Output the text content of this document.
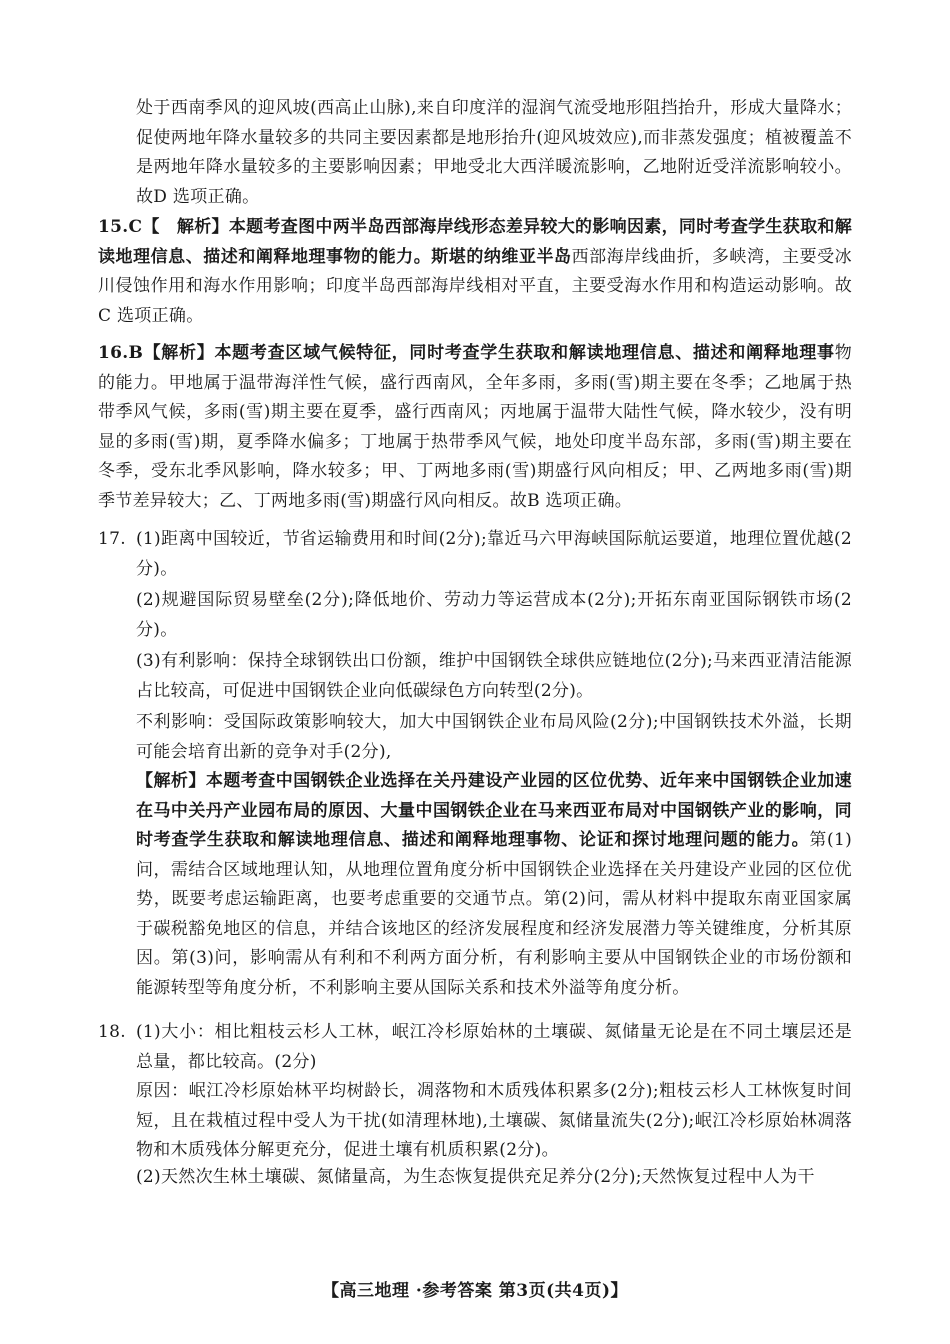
处于西南季风的迎风坡(西高止山脉),来自印度洋的湿润气流受地形阻挡抬升，形成大量降水；促使两地年降水量较多的共同主要因素都是地形抬升(迎风坡效应),而非蒸发强度；植被覆盖不是两地年降水量较多的主要影响因素；甲地受北大西洋暖流影响，乙地附近受洋流影响较小。故D 选项正确。

15.C【　解析】本题考查图中两半岛西部海岸线形态差异较大的影响因素，同时考查学生获取和解读地理信息、描述和阐释地理事物的能力。斯堪的纳维亚半岛西部海岸线曲折，多峡湾，主要受冰川侵蚀作用和海水作用影响；印度半岛西部海岸线相对平直，主要受海水作用和构造运动影响。故C 选项正确。

16.B【解析】本题考查区域气候特征，同时考查学生获取和解读地理信息、描述和阐释地理事物的能力。甲地属于温带海洋性气候，盛行西南风，全年多雨，多雨(雪)期主要在冬季；乙地属于热带季风气候，多雨(雪)期主要在夏季，盛行西南风；丙地属于温带大陆性气候，降水较少，没有明显的多雨(雪)期，夏季降水偏多；丁地属于热带季风气候，地处印度半岛东部，多雨(雪)期主要在冬季，受东北季风影响，降水较多；甲、丁两地多雨(雪)期盛行风向相反；甲、乙两地多雨(雪)期季节差异较大；乙、丁两地多雨(雪)期盛行风向相反。故B 选项正确。

17. (1)距离中国较近，节省运输费用和时间(2分);靠近马六甲海峡国际航运要道，地理位置优越(2分)。

(2)规避国际贸易壁垒(2分);降低地价、劳动力等运营成本(2分);开拓东南亚国际钢铁市场(2分)。

(3)有利影响：保持全球钢铁出口份额，维护中国钢铁全球供应链地位(2分);马来西亚清洁能源占比较高，可促进中国钢铁企业向低碳绿色方向转型(2分)。

不利影响：受国际政策影响较大，加大中国钢铁企业布局风险(2分);中国钢铁技术外溢，长期可能会培育出新的竞争对手(2分),

【解析】本题考查中国钢铁企业选择在关丹建设产业园的区位优势、近年来中国钢铁企业加速在马中关丹产业园布局的原因、大量中国钢铁企业在马来西亚布局对中国钢铁产业的影响，同时考查学生获取和解读地理信息、描述和阐释地理事物、论证和探讨地理问题的能力。第(1)问，需结合区域地理认知，从地理位置角度分析中国钢铁企业选择在关丹建设产业园的区位优势，既要考虑运输距离，也要考虑重要的交通节点。第(2)问，需从材料中提取东南亚国家属于碳税豁免地区的信息，并结合该地区的经济发展程度和经济发展潜力等关键维度，分析其原因。第(3)问，影响需从有利和不利两方面分析，有利影响主要从中国钢铁企业的市场份额和能源转型等角度分析，不利影响主要从国际关系和技术外溢等角度分析。

18. (1)大小：相比粗枝云杉人工林，岷江冷杉原始林的土壤碳、氮储量无论是在不同土壤层还是总量，都比较高。(2分)

原因：岷江冷杉原始林平均树龄长，凋落物和木质残体积累多(2分);粗枝云杉人工林恢复时间短，且在栽植过程中受人为干扰(如清理林地),土壤碳、氮储量流失(2分);岷江冷杉原始林凋落物和木质残体分解更充分，促进土壤有机质积累(2分)。

(2)天然次生林土壤碳、氮储量高，为生态恢复提供充足养分(2分);天然恢复过程中人为干

【高三地理 ·参考答案 第3页(共4页)】
